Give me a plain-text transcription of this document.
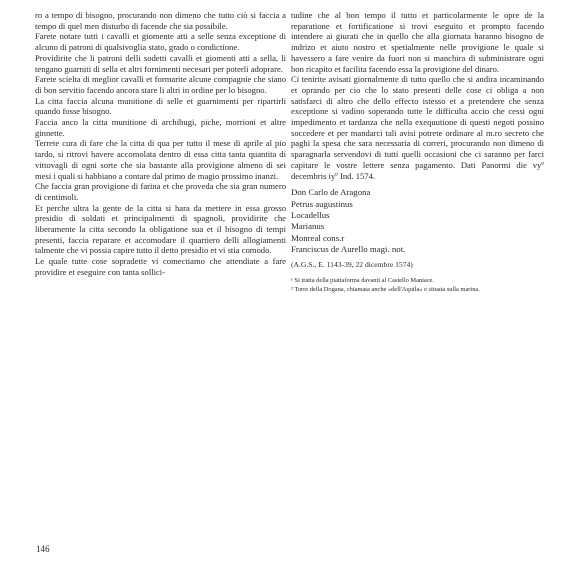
ro a tempo di bisogno, procurando non dimeno che tutto ciò si faccia a tempo di quel men disturbo di facende che sia possibile.

Farete notare tutti i cavalli et giomente atti a selle senza exceptione di alcuno di patroni di qualsivoglia stato, grado o condictione.

Providirite che li patroni delli sodetti cavalli et giomenti atti a sella, li tengano guarniti di sella et altri fornimenti necesari per poterli adoprare.

Farete scielta di meglior cavalli et formarite alcune compagnie che siano di bon servitio facendo ancora stare li altri in ordine per lo bisogno.

La citta faccia alcuna munitione di selle et guarnimenti per ripartirli quando fosse bisogno.

Faccia anco la citta munitione di archibugi, piche, morrioni et altre ginnette.

Terrete cura di fare che la citta di qua per tutto il mese di aprile al pio tardo, si ritrovi havere accomolata dentro di essa citta tanta quantita di vittovagli di ogni sorte che sia bastante alla provigione almeno di sei mesi i quali si habbiano a contare dal primo de magio prossimo inanzi.

Che faccia gran provigione di farina et che proveda che sia gran numero di centimoli.

Et perche ultra la gente de la citta si hara da mettere in essa grosso presidio di soldati et principalmenti di spagnoli, providirite che liberamente la citta secondo la obligatione sua et il bisogno di tempi presenti, faccia reparare et accomodare il quartiero delli allogiamenti talmente che vi possia capire tutto il detto presidio et vi stia comodo.

Le quale tutte cose sopradette vi comectiamo che attendiate a fare providire et eseguire con tanta sollici-

tudine che al bon tempo il tutto et particolarmente le opre de la reparatione et fortificatione si trovi eseguito et prompto facendo intendere ai giurati che in quello che alla giornata haranno bisogno de indrizo et aiuto nostro et spetialmente nelle provigione le quale si havessero a fare venire da fuori non si manchira di subministrare ogni bon ricapito et facilita facendo essa la provigione del dinaro.

Ci tenirite avisati giornalmente di tutto quello che si andira incaminando et oprando per cio che lo stato presenti delle cose ci obliga a non satisfarci di altro che dello effecto istesso et a pretendere che senza exceptione si vadino soperando tutte le difficulta accio che cessi ogni impedimento et tardanza che nella exequutione di questi negoti possino soccedere et per mandarci tali avisi potrete ordinare al m.ro secreto che paghi la spesa che sara necessaria di correri, procurando non dimeno di sparagnarla servendovi di tutti quelli occasioni che ci saranno per farci capitare le vostre lettere senza pagamento. Dati Panormi die vyº decembris iyº Ind. 1574.

Don Carlo de Aragona
Petrus augustinus
Locadellus
Marianus
Monreal cons.r
Franciscus de Aurello magi. not.
(A.G.S., E. 1143-39, 22 dicembre 1574)

¹ Si tratta della piattaforma davanti al Castello Maniace.

² Torre della Dogana, chiamata anche «dell'Aquila» e situata sulla marina.

146
